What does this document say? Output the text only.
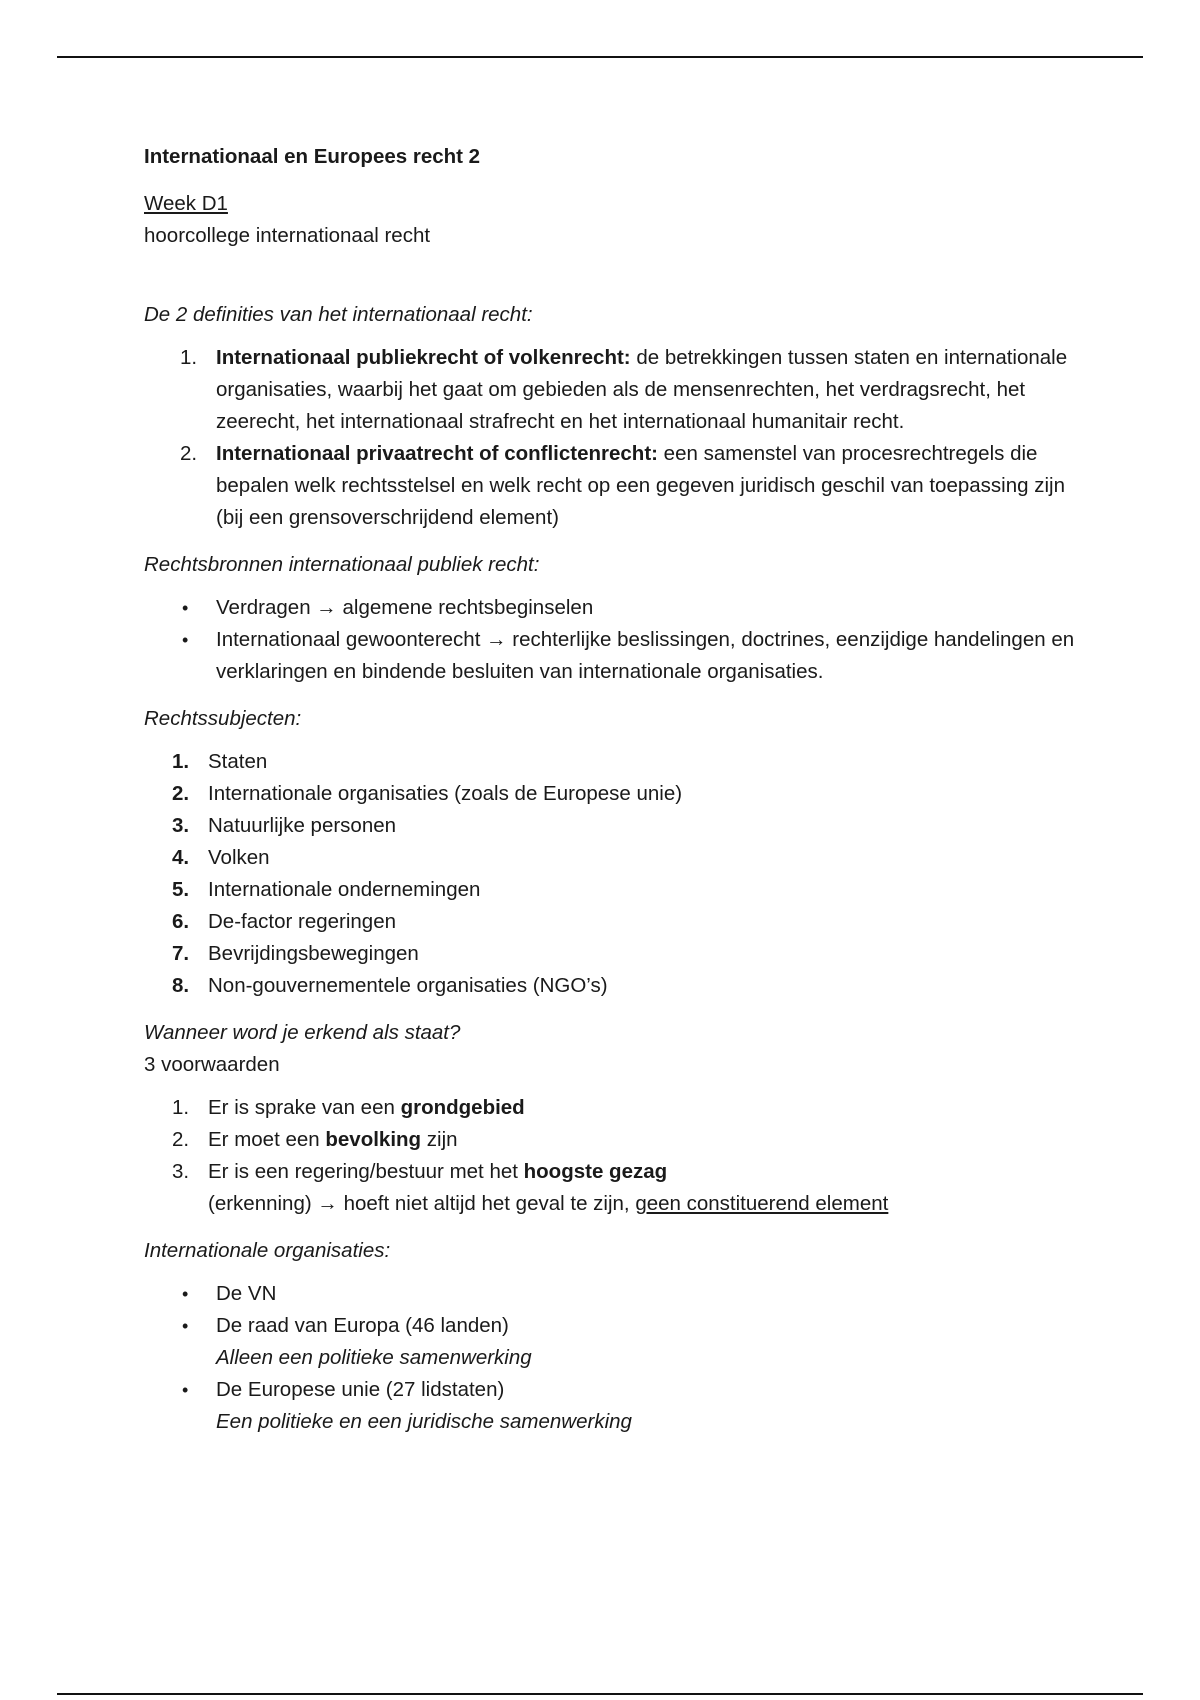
Internationaal en Europees recht 2

Week D1

hoorcollege internationaal recht

De 2 definities van het internationaal recht:

1. Internationaal publiekrecht of volkenrecht: de betrekkingen tussen staten en internationale organisaties, waarbij het gaat om gebieden als de mensenrechten, het verdragsrecht, het zeerecht, het internationaal strafrecht en het internationaal humanitair recht.
2. Internationaal privaatrecht of conflictenrecht: een samenstel van procesrechtregels die bepalen welk rechtsstelsel en welk recht op een gegeven juridisch geschil van toepassing zijn (bij een grensoverschrijdend element)

Rechtsbronnen internationaal publiek recht:

• Verdragen → algemene rechtsbeginselen
• Internationaal gewoonterecht → rechterlijke beslissingen, doctrines, eenzijdige handelingen en verklaringen en bindende besluiten van internationale organisaties.

Rechtssubjecten:

1. Staten
2. Internationale organisaties (zoals de Europese unie)
3. Natuurlijke personen
4. Volken
5. Internationale ondernemingen
6. De-factor regeringen
7. Bevrijdingsbewegingen
8. Non-gouvernementele organisaties (NGO’s)

Wanneer word je erkend als staat?

3 voorwaarden

1. Er is sprake van een grondgebied
2. Er moet een bevolking zijn
3. Er is een regering/bestuur met het hoogste gezag
(erkenning) → hoeft niet altijd het geval te zijn, geen constituerend element

Internationale organisaties:

• De VN
• De raad van Europa (46 landen)
Alleen een politieke samenwerking
• De Europese unie (27 lidstaten)
Een politieke en een juridische samenwerking
